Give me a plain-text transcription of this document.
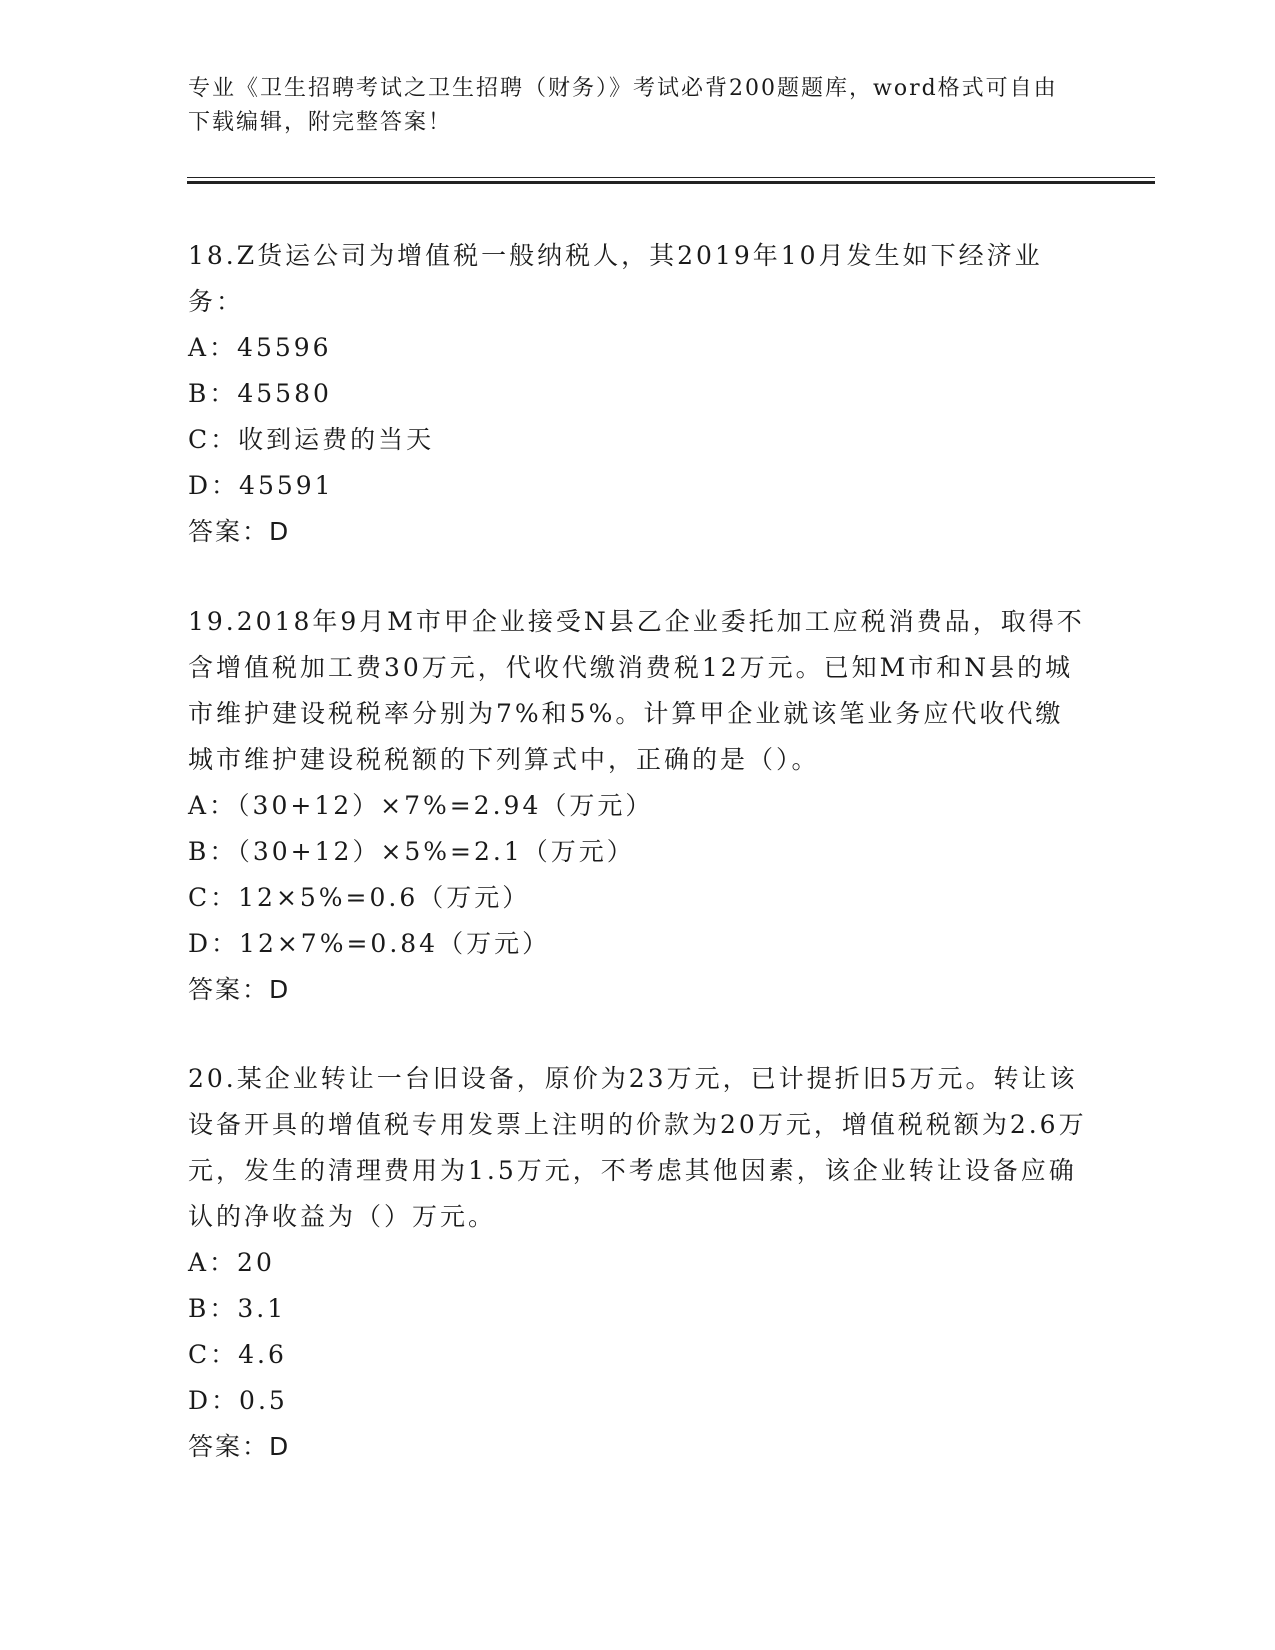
专业《卫生招聘考试之卫生招聘（财务）》考试必背200题题库，word格式可自由下载编辑，附完整答案！

18.Z货运公司为增值税一般纳税人，其2019年10月发生如下经济业务：

A：45596

B：45580

C：收到运费的当天

D：45591

答案：D

19.2018年9月M市甲企业接受N县乙企业委托加工应税消费品，取得不含增值税加工费30万元，代收代缴消费税12万元。已知M市和N县的城市维护建设税税率分别为7%和5%。计算甲企业就该笔业务应代收代缴城市维护建设税税额的下列算式中，正确的是（）。

A：（30+12）×7%=2.94（万元）

B：（30+12）×5%=2.1（万元）

C：12×5%=0.6（万元）

D：12×7%=0.84（万元）

答案：D

20.某企业转让一台旧设备，原价为23万元，已计提折旧5万元。转让该设备开具的增值税专用发票上注明的价款为20万元，增值税税额为2.6万元，发生的清理费用为1.5万元，不考虑其他因素，该企业转让设备应确认的净收益为（）万元。

A：20

B：3.1

C：4.6

D：0.5

答案：D
